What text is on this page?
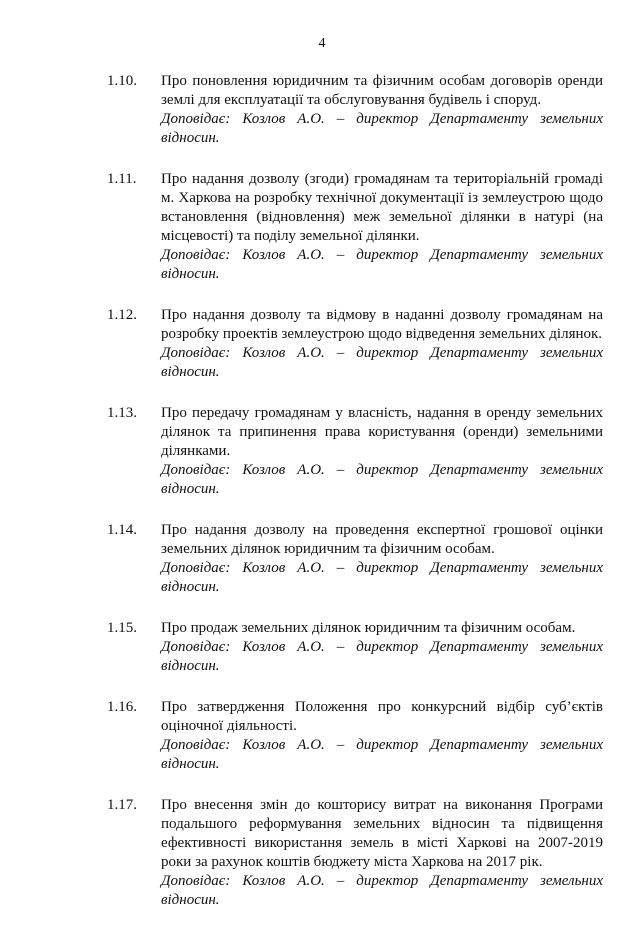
4
1.10. Про поновлення юридичним та фізичним особам договорів оренди землі для експлуатації та обслуговування будівель і споруд.

Доповідає: Козлов А.О. – директор Департаменту земельних
відносин.

1.11. Про надання дозволу (згоди) громадянам та територіальній громаді м. Харкова на розробку технічної документації із землеустрою щодо встановлення (відновлення) меж земельної ділянки в натурі (на місцевості) та поділу земельної ділянки.

Доповідає: Козлов А.О. – директор Департаменту земельних
відносин.

1.12. Про надання дозволу та відмову в наданні дозволу громадянам на розробку проектів землеустрою щодо відведення земельних ділянок.

Доповідає: Козлов А.О. – директор Департаменту земельних
відносин.

1.13. Про передачу громадянам у власність, надання в оренду земельних ділянок та припинення права користування (оренди) земельними ділянками.

Доповідає: Козлов А.О. – директор Департаменту земельних
відносин.

1.14. Про надання дозволу на проведення експертної грошової оцінки земельних ділянок юридичним та фізичним особам.

Доповідає: Козлов А.О. – директор Департаменту земельних
відносин.

1.15. Про продаж земельних ділянок юридичним та фізичним особам.

Доповідає: Козлов А.О. – директор Департаменту земельних
відносин.

1.16. Про затвердження Положення про конкурсний відбір суб’єктів оціночної діяльності.

Доповідає: Козлов А.О. – директор Департаменту земельних
відносин.

1.17. Про внесення змін до кошторису витрат на виконання Програми подальшого реформування земельних відносин та підвищення ефективності використання земель в місті Харкові на 2007-2019 роки за рахунок коштів бюджету міста Харкова на 2017 рік.

Доповідає: Козлов А.О. – директор Департаменту земельних
відносин.
